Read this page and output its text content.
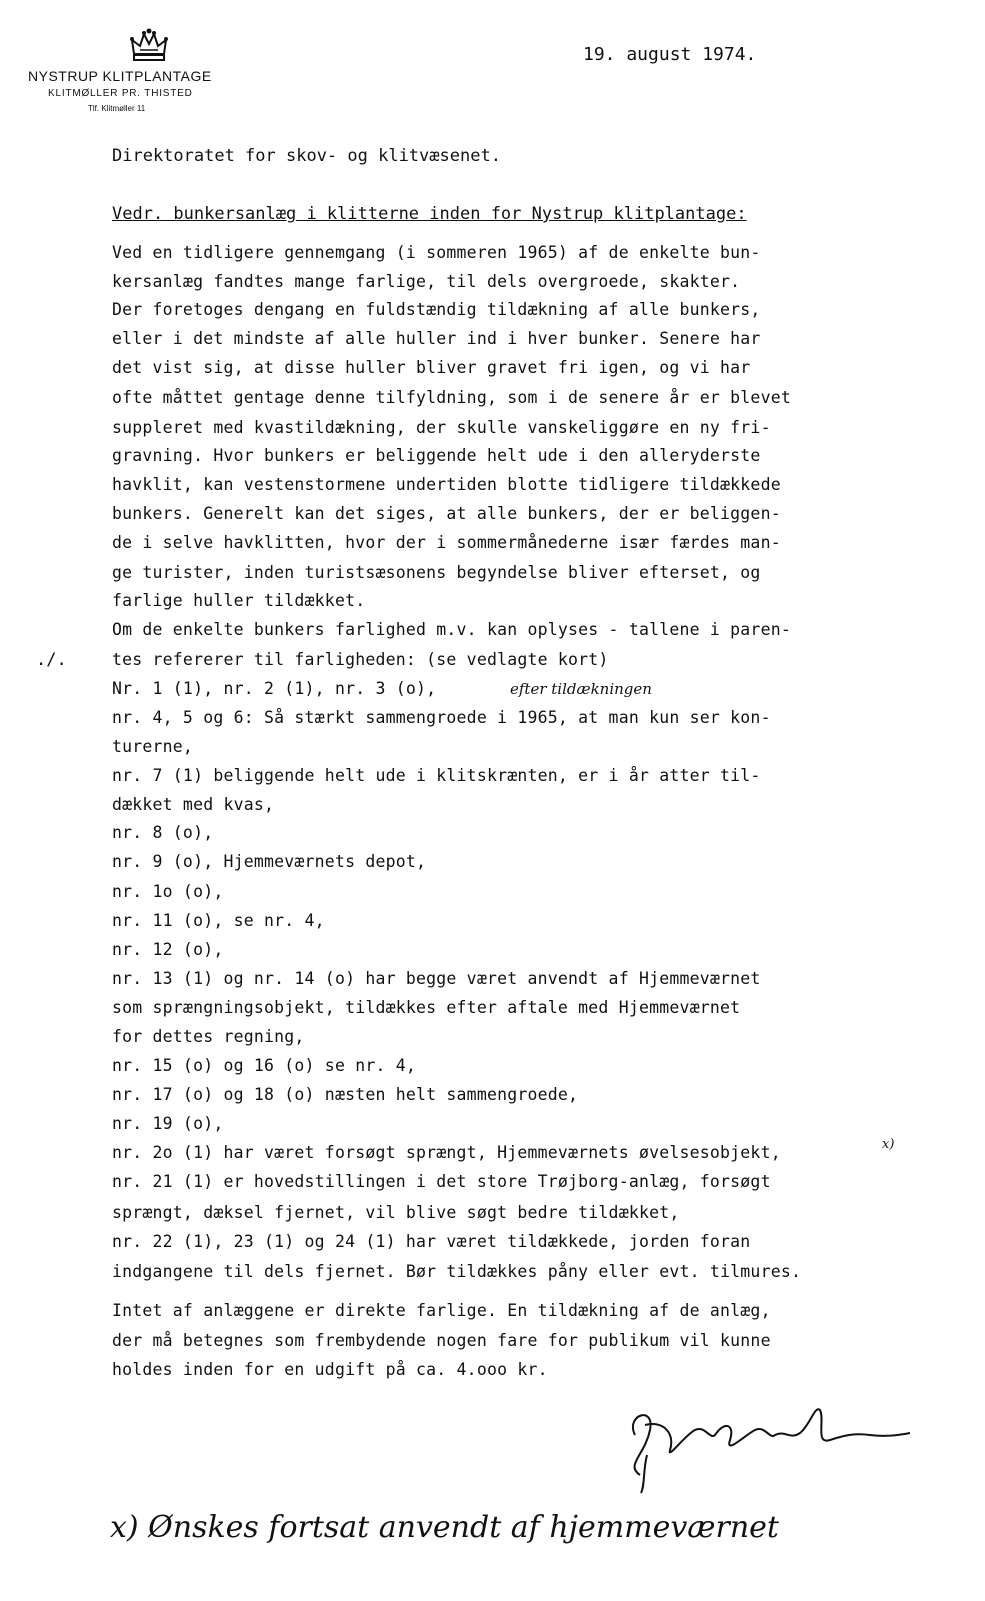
NYSTRUP KLITPLANTAGE
KLITMØLLER PR. THISTED
Tlf. Klitmøller 11
19. august 1974.
Direktoratet for skov- og klitvæsenet.
Vedr. bunkersanlæg i klitterne inden for Nystrup klitplantage:
./.
Ved en tidligere gennemgang (i sommeren 1965) af de enkelte bun-
kersanlæg fandtes mange farlige, til dels overgroede, skakter.
Der foretoges dengang en fuldstændig tildækning af alle bunkers,
eller i det mindste af alle huller ind i hver bunker. Senere har
det vist sig, at disse huller bliver gravet fri igen, og vi har
ofte måttet gentage denne tilfyldning, som i de senere år er blevet
suppleret med kvastildækning, der skulle vanskeliggøre en ny fri-
gravning. Hvor bunkers er beliggende helt ude i den alleryderste
havklit, kan vestenstormene undertiden blotte tidligere tildækkede
bunkers. Generelt kan det siges, at alle bunkers, der er beliggen-
de i selve havklitten, hvor der i sommermånederne især færdes man-
ge turister, inden turistsæsonens begyndelse bliver efterset, og
farlige huller tildækket.
Om de enkelte bunkers farlighed m.v. kan oplyses - tallene i paren-
tes refererer til farligheden: (se vedlagte kort)
Nr. 1 (1), nr. 2 (1), nr. 3 (o),
nr. 4, 5 og 6: Så stærkt sammengroede i 1965, at man kun ser kon-
turerne,
nr. 7 (1) beliggende helt ude i klitskrænten, er i år atter til-
dækket med kvas,
nr. 8 (o),
nr. 9 (o), Hjemmeværnets depot,
nr. 1o (o),
nr. 11 (o), se nr. 4,
nr. 12 (o),
nr. 13 (1) og nr. 14 (o) har begge været anvendt af Hjemmeværnet
som sprængningsobjekt, tildækkes efter aftale med Hjemmeværnet
for dettes regning,
nr. 15 (o) og 16 (o) se nr. 4,
nr. 17 (o) og 18 (o) næsten helt sammengroede,
nr. 19 (o),
nr. 2o (1) har været forsøgt sprængt, Hjemmeværnets øvelsesobjekt,
nr. 21 (1) er hovedstillingen i det store Trøjborg-anlæg, forsøgt
sprængt, dæksel fjernet, vil blive søgt bedre tildækket,
nr. 22 (1), 23 (1) og 24 (1) har været tildækkede, jorden foran
indgangene til dels fjernet. Bør tildækkes påny eller evt. tilmures.
Intet af anlæggene er direkte farlige. En tildækning af de anlæg,
der må betegnes som frembydende nogen fare for publikum vil kunne
holdes inden for en udgift på ca. 4.ooo kr.
efter tildækningen
x)
x) Ønskes fortsat anvendt af hjemmeværnet
